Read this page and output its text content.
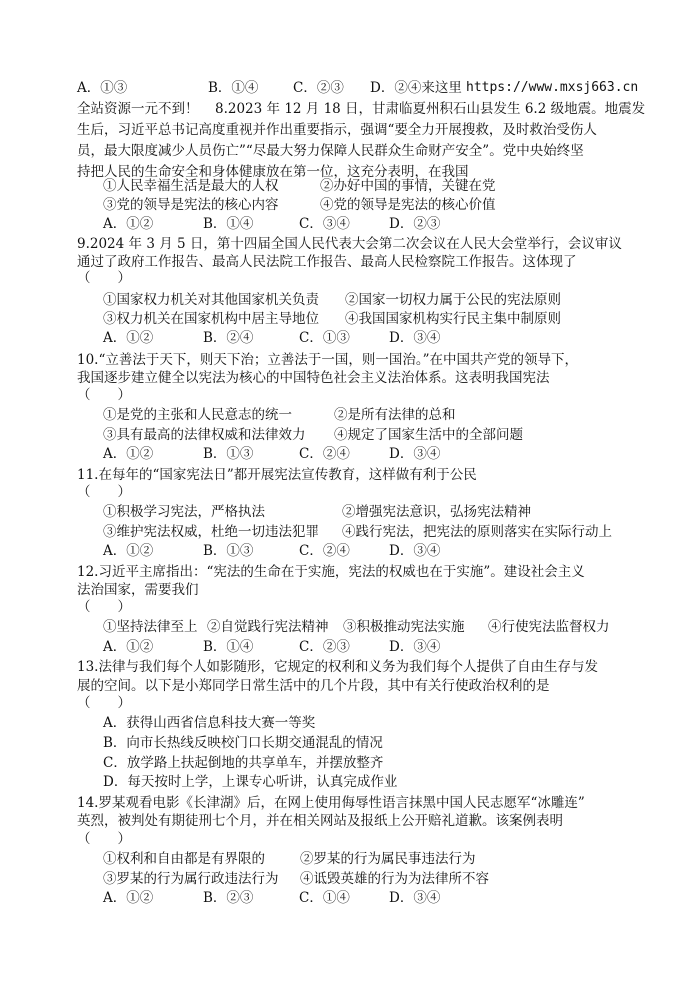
A．①③	B．①④	C．②③ D．②④来这里 https://www.mxsj663.cn
全站资源一元不到！ 8.2023 年 12 月 18 日，甘肃临夏州积石山县发生 6.2 级地震。地震发
生后，习近平总书记高度重视并作出重要指示，强调“要全力开展搜救，及时救治受伤人
员，最大限度减少人员伤亡”“尽最大努力保障人民群众生命财产安全”。党中央始终坚
持把人民的生命安全和身体健康放在第一位，这充分表明，在我国
①人民幸福生活是最大的人权	②办好中国的事情，关键在党
③党的领导是宪法的核心内容	④党的领导是宪法的核心价值
A．①②	B．①④	C．③④	D．②③
9.2024 年 3 月 5 日，第十四届全国人民代表大会第二次会议在人民大会堂举行，会议审议
通过了政府工作报告、最高人民法院工作报告、最高人民检察院工作报告。这体现了
（　　）
①国家权力机关对其他国家机关负责 ②国家一切权力属于公民的宪法原则
③权力机关在国家机构中居主导地位 ④我国国家机构实行民主集中制原则
A．①②	B．②④	C．①③	D．③④
10.“立善法于天下，则天下治；立善法于一国，则一国治。”在中国共产党的领导下，
我国逐步建立健全以宪法为核心的中国特色社会主义法治体系。这表明我国宪法
（　　）
①是党的主张和人民意志的统一	②是所有法律的总和
③具有最高的法律权威和法律效力 ④规定了国家生活中的全部问题
A．①②	B．①③	C．②④	D．③④
11.在每年的“国家宪法日”都开展宪法宣传教育，这样做有利于公民
（　　）
①积极学习宪法，严格执法	②增强宪法意识，弘扬宪法精神
③维护宪法权威，杜绝一切违法犯罪 ④践行宪法，把宪法的原则落实在实际行动上
A．①②	B．①③	C．②④	D．③④
12.习近平主席指出：“宪法的生命在于实施，宪法的权威也在于实施”。建设社会主义
法治国家，需要我们
（　　）
①坚持法律至上 ②自觉践行宪法精神 ③积极推动宪法实施 ④行使宪法监督权力
A．①②	B．①④	C．②③	D．③④
13.法律与我们每个人如影随形，它规定的权利和义务为我们每个人提供了自由生存与发
展的空间。以下是小郑同学日常生活中的几个片段，其中有关行使政治权利的是
（　　）
A．获得山西省信息科技大赛一等奖
B．向市长热线反映校门口长期交通混乱的情况
C．放学路上扶起倒地的共享单车，并摆放整齐
D．每天按时上学，上课专心听讲，认真完成作业
14.罗某观看电影《长津湖》后，在网上使用侮辱性语言抹黑中国人民志愿军“冰雕连”
英烈，被判处有期徒刑七个月，并在相关网站及报纸上公开赔礼道歉。该案例表明
（　　）
①权利和自由都是有界限的	②罗某的行为属民事违法行为
③罗某的行为属行政违法行为 ④诋毁英雄的行为为法律所不容
A．①②	B．②③	C．①④	D．③④
